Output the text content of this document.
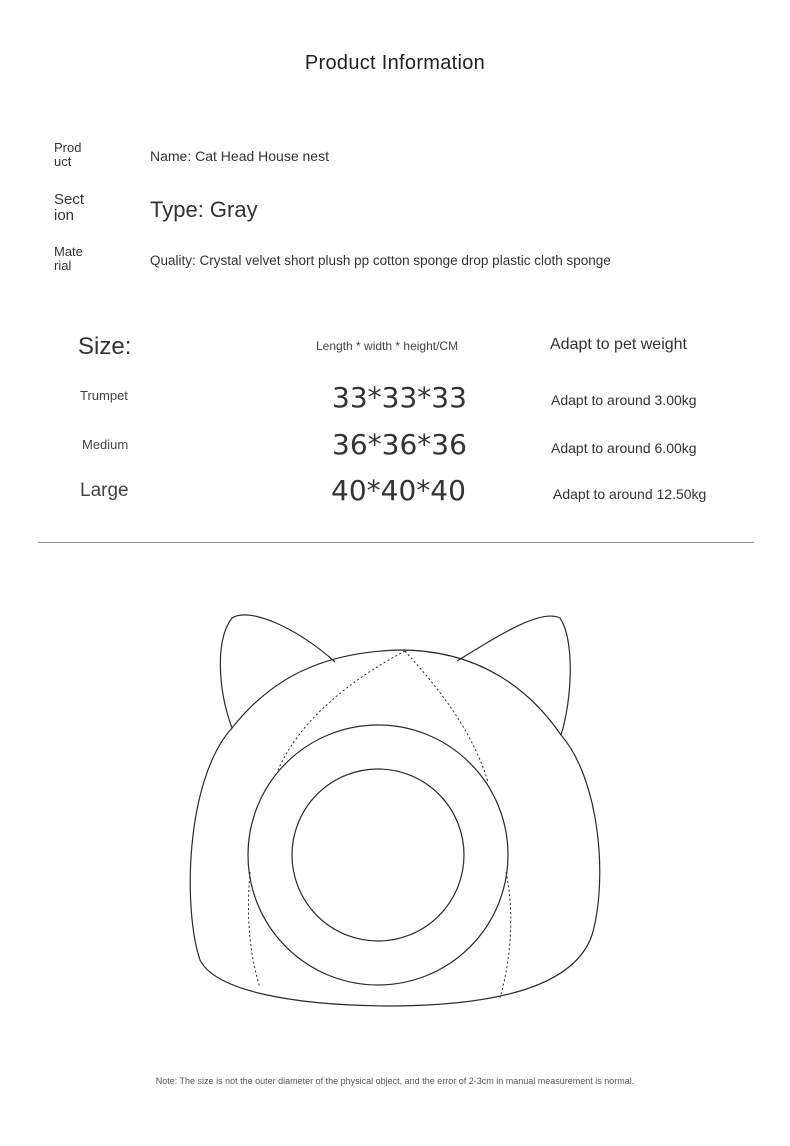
Product Information
Prod uct	Name: Cat Head House nest
Sect ion	Type: Gray
Mate rial	Quality: Crystal velvet short plush pp cotton sponge drop plastic cloth sponge
Size:	Length * width * height/CM	Adapt to pet weight
Trumpet	33*33*33	Adapt to around 3.00kg
Medium	36*36*36	Adapt to around 6.00kg
Large	40*40*40	Adapt to around 12.50kg
Note: The size is not the outer diameter of the physical object, and the error of 2-3cm in manual measurement is normal.
